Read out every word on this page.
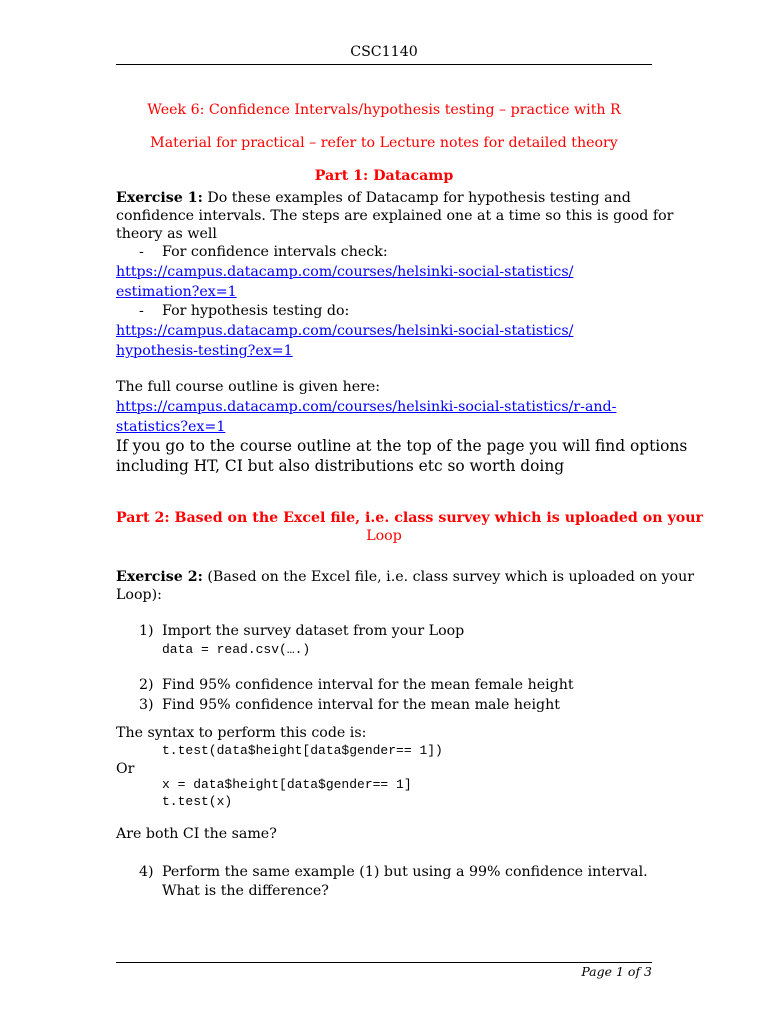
CSC1140
Week 6: Confidence Intervals/hypothesis testing – practice with R
Material for practical – refer to Lecture notes for detailed theory
Part 1: Datacamp
Exercise 1: Do these examples of Datacamp for hypothesis testing and
confidence intervals. The steps are explained one at a time so this is good for
theory as well
- For confidence intervals check:
https://campus.datacamp.com/courses/helsinki-social-statistics/
estimation?ex=1
- For hypothesis testing do:
https://campus.datacamp.com/courses/helsinki-social-statistics/
hypothesis-testing?ex=1
The full course outline is given here:
https://campus.datacamp.com/courses/helsinki-social-statistics/r-and-
statistics?ex=1
If you go to the course outline at the top of the page you will find options
including HT, CI but also distributions etc so worth doing
Part 2: Based on the Excel file, i.e. class survey which is uploaded on your
Loop
Exercise 2: (Based on the Excel file, i.e. class survey which is uploaded on your
Loop):
1) Import the survey dataset from your Loop
data = read.csv(….)
2) Find 95% confidence interval for the mean female height
3) Find 95% confidence interval for the mean male height
The syntax to perform this code is:
t.test(data$height[data$gender== 1])
Or
x = data$height[data$gender== 1]
t.test(x)
Are both CI the same?
4) Perform the same example (1) but using a 99% confidence interval.
What is the difference?
Page 1 of 3
